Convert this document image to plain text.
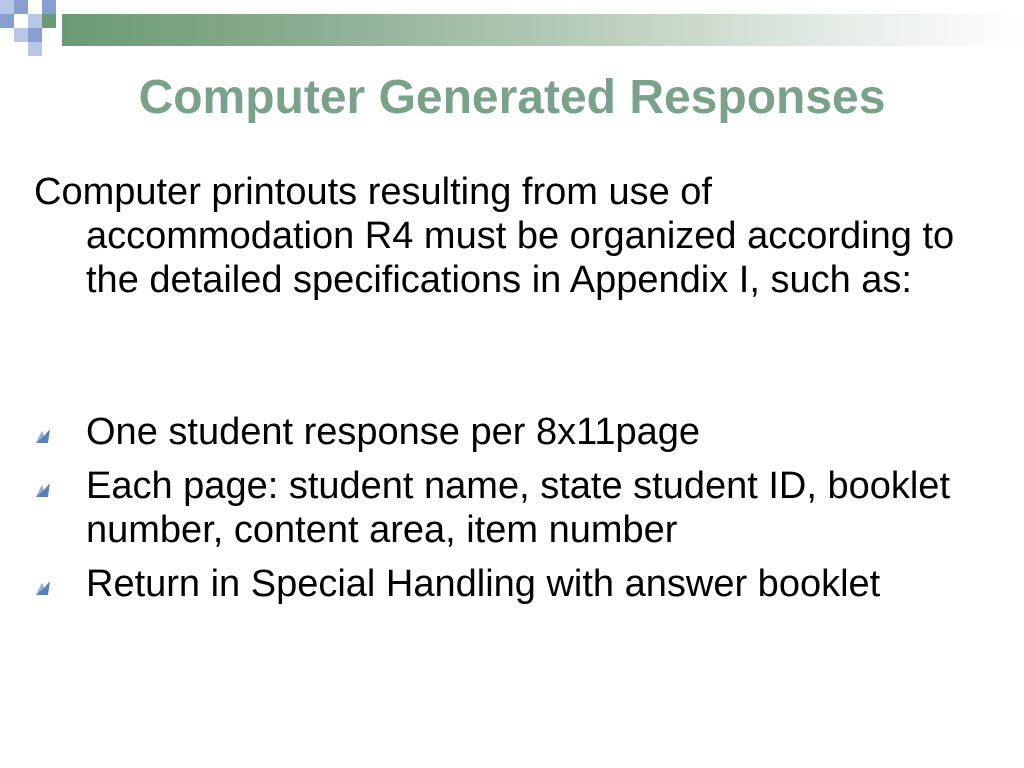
Computer Generated Responses
Computer printouts resulting from use of accommodation R4 must be organized according to the detailed specifications in Appendix I, such as:
One student response per 8x11page
Each page: student name, state student ID, booklet number, content area, item number
Return in Special Handling with answer booklet
